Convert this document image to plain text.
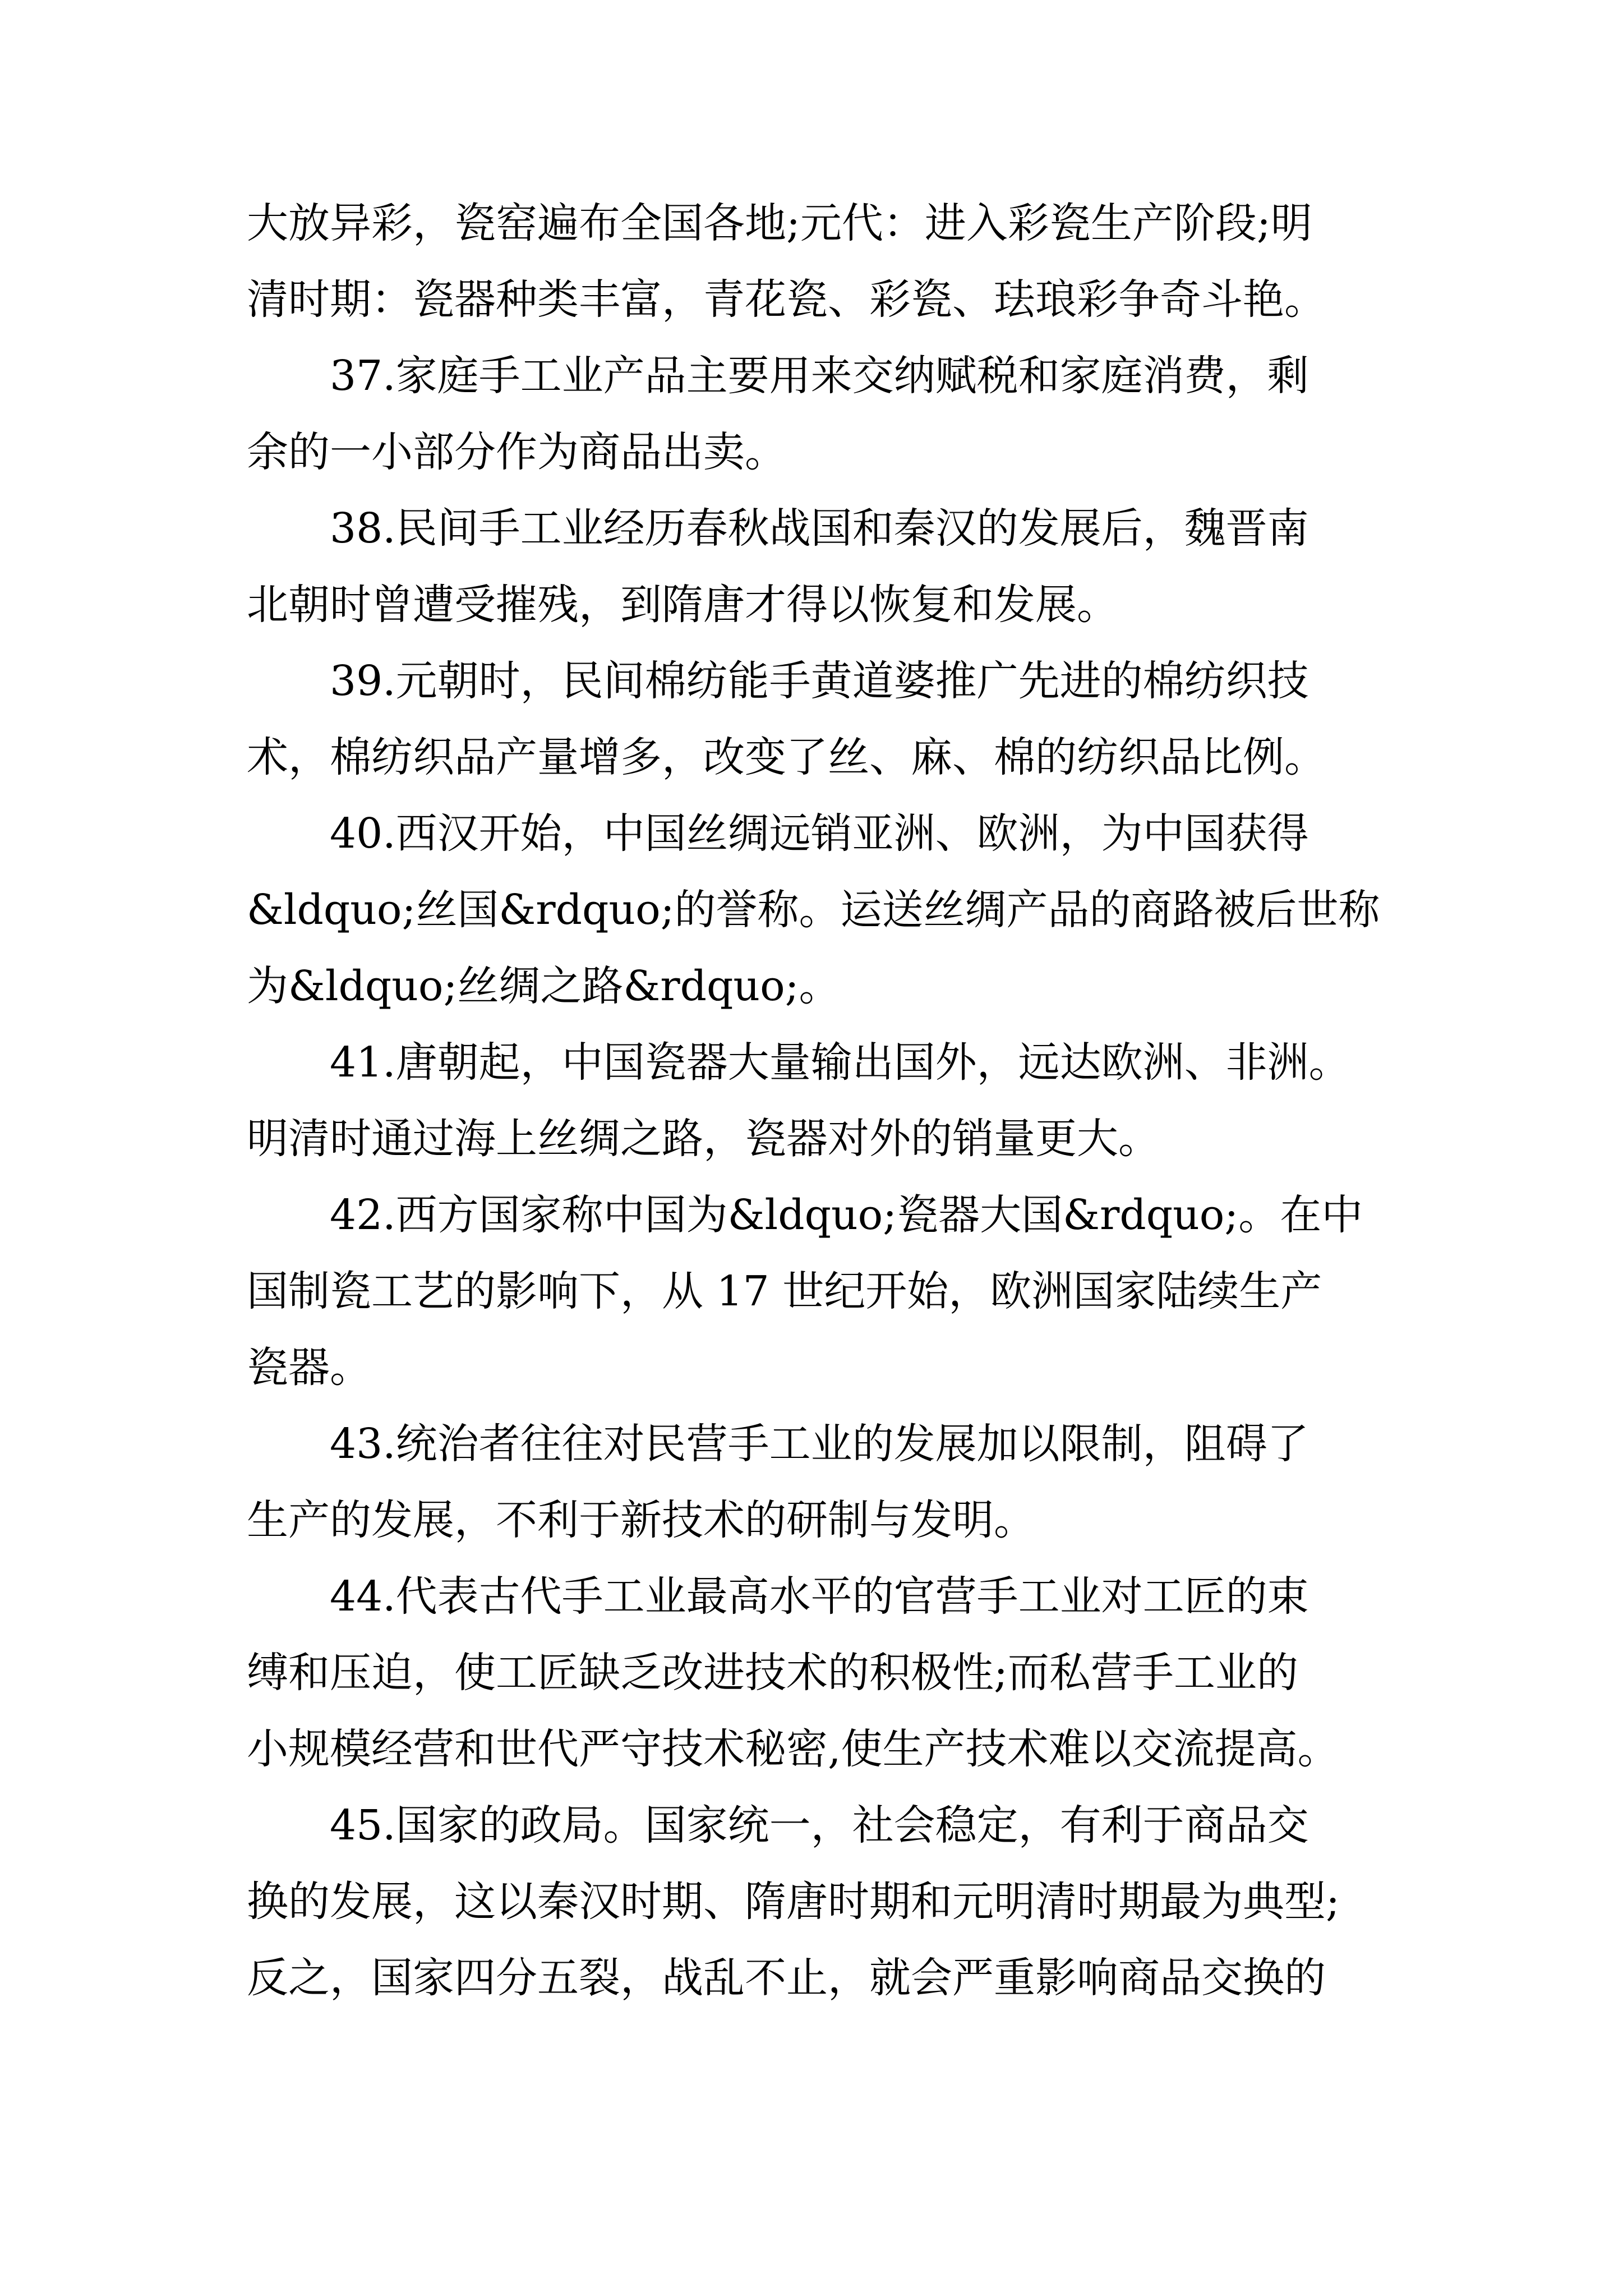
大放异彩，瓷窑遍布全国各地;元代：进入彩瓷生产阶段;明
清时期：瓷器种类丰富，青花瓷、彩瓷、珐琅彩争奇斗艳。
37.家庭手工业产品主要用来交纳赋税和家庭消费，剩
余的一小部分作为商品出卖。
38.民间手工业经历春秋战国和秦汉的发展后，魏晋南
北朝时曾遭受摧残，到隋唐才得以恢复和发展。
39.元朝时，民间棉纺能手黄道婆推广先进的棉纺织技
术，棉纺织品产量增多，改变了丝、麻、棉的纺织品比例。
40.西汉开始，中国丝绸远销亚洲、欧洲，为中国获得
&ldquo;丝国&rdquo;的誉称。运送丝绸产品的商路被后世称
为&ldquo;丝绸之路&rdquo;。
41.唐朝起，中国瓷器大量输出国外，远达欧洲、非洲。
明清时通过海上丝绸之路，瓷器对外的销量更大。
42.西方国家称中国为&ldquo;瓷器大国&rdquo;。在中
国制瓷工艺的影响下，从 17 世纪开始，欧洲国家陆续生产
瓷器。
43.统治者往往对民营手工业的发展加以限制，阻碍了
生产的发展，不利于新技术的研制与发明。
44.代表古代手工业最高水平的官营手工业对工匠的束
缚和压迫，使工匠缺乏改进技术的积极性;而私营手工业的
小规模经营和世代严守技术秘密,使生产技术难以交流提高。
45.国家的政局。国家统一，社会稳定，有利于商品交
换的发展，这以秦汉时期、隋唐时期和元明清时期最为典型;
反之，国家四分五裂，战乱不止，就会严重影响商品交换的
